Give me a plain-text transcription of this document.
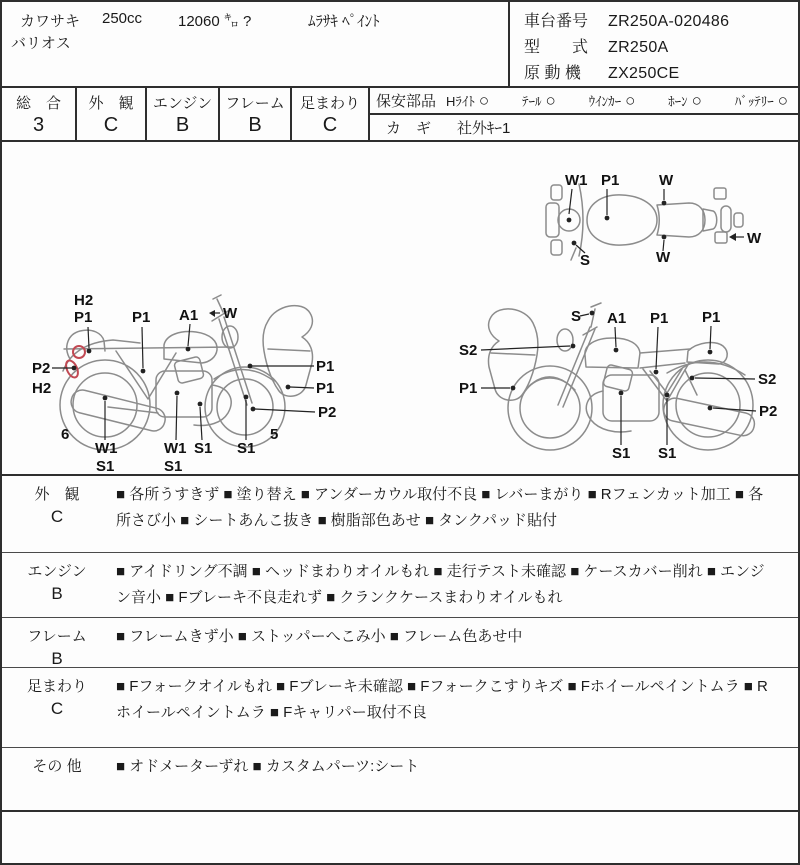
カワサキ 250cc 12060 ㌔ ?	ﾑﾗｻｷ ﾍﾟｲﾝﾄ
バリオス
車台番号	ZR250A-020486
型　　式	ZR250A
原 動 機	ZX250CE
総　合
3
外　観
C
エンジン
B
フレーム
B
足まわり
C
保安部品 Hﾗｲﾄ ○	ﾃｰﾙ ○	ｳｲﾝｶｰ ○	ﾎｰﾝ ○	ﾊﾞｯﾃﾘｰ ○
カ　ギ 社外ｷｰ1
W1 P1	W
S	W
W
H2
P1	P1 A1 W
P2
H2
P1
P1
P2
6	5
W1
S1
W1 S1
S1
S1
S A1 P1 P1
S2
P1
S2
P2
S1 S1
外　観
C
■ 各所うすきず ■ 塗り替え ■ アンダーカウル取付不良 ■ レバーまがり ■ Rフェンカット加工 ■ 各所さび小 ■ シートあんこ抜き ■ 樹脂部色あせ ■ タンクパッド貼付
エンジン
B
■ アイドリング不調 ■ ヘッドまわりオイルもれ ■ 走行テスト未確認 ■ ケースカバー削れ ■ エンジン音小 ■ Fブレーキ不良走れず ■ クランクケースまわりオイルもれ
フレーム
B
■ フレームきず小 ■ ストッパーへこみ小 ■ フレーム色あせ中
足まわり
C
■ Fフォークオイルもれ ■ Fブレーキ未確認 ■ Fフォークこすりキズ ■ Fホイールペイントムラ ■ Rホイールペイントムラ ■ Fキャリパー取付不良
その 他 ■ オドメーターずれ ■ カスタムパーツ:シート
